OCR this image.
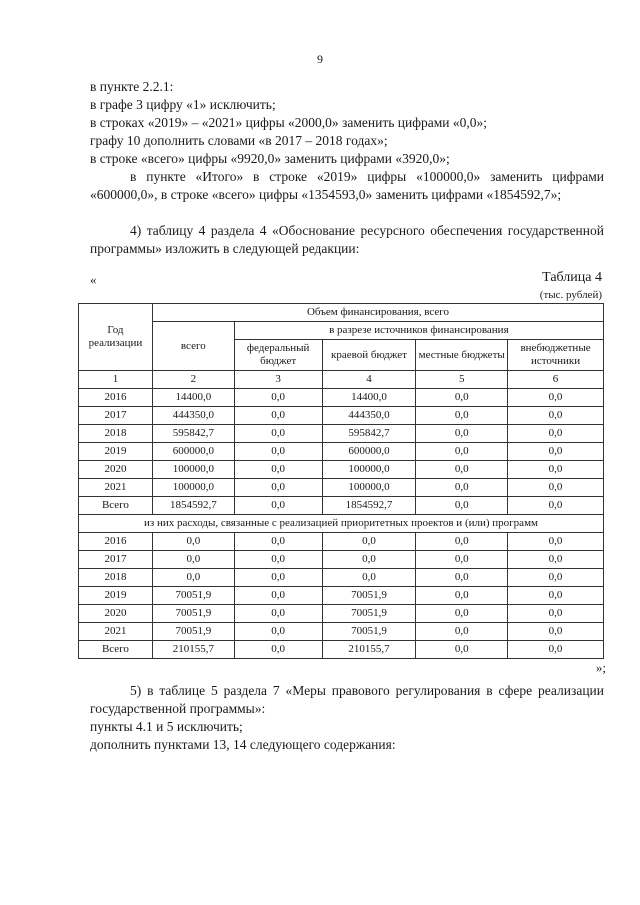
9

в пункте 2.2.1:

в графе 3 цифру «1» исключить;

в строках «2019» – «2021» цифры «2000,0» заменить цифрами «0,0»;

графу 10 дополнить словами «в 2017 – 2018 годах»;

в строке «всего» цифры «9920,0» заменить цифрами «3920,0»;

в пункте «Итого» в строке «2019» цифры «100000,0» заменить цифрами «600000,0», в строке «всего» цифры «1354593,0» заменить цифрами «1854592,7»;

4) таблицу 4 раздела 4 «Обоснование ресурсного обеспечения государственной программы» изложить в следующей редакции:

«	Таблица 4
(тыс. рублей)
Год реализации	Объем финансирования, всего				
	всего	в разрезе источников финансирования			
		федеральный бюджет	краевой бюджет	местные бюджеты	внебюджетные источники
1	2	3	4	5	6
2016	14400,0	0,0	14400,0	0,0	0,0
2017	444350,0	0,0	444350,0	0,0	0,0
2018	595842,7	0,0	595842,7	0,0	0,0
2019	600000,0	0,0	600000,0	0,0	0,0
2020	100000,0	0,0	100000,0	0,0	0,0
2021	100000,0	0,0	100000,0	0,0	0,0
Всего	1854592,7	0,0	1854592,7	0,0	0,0
из них расходы, связанные с реализацией приоритетных проектов и (или) программ					
2016	0,0	0,0	0,0	0,0	0,0
2017	0,0	0,0	0,0	0,0	0,0
2018	0,0	0,0	0,0	0,0	0,0
2019	70051,9	0,0	70051,9	0,0	0,0
2020	70051,9	0,0	70051,9	0,0	0,0
2021	70051,9	0,0	70051,9	0,0	0,0
Всего	210155,7	0,0	210155,7	0,0	0,0
»;

5) в таблице 5 раздела 7 «Меры правового регулирования в сфере реализации государственной программы»:

пункты 4.1 и 5 исключить;

дополнить пунктами 13, 14 следующего содержания:
